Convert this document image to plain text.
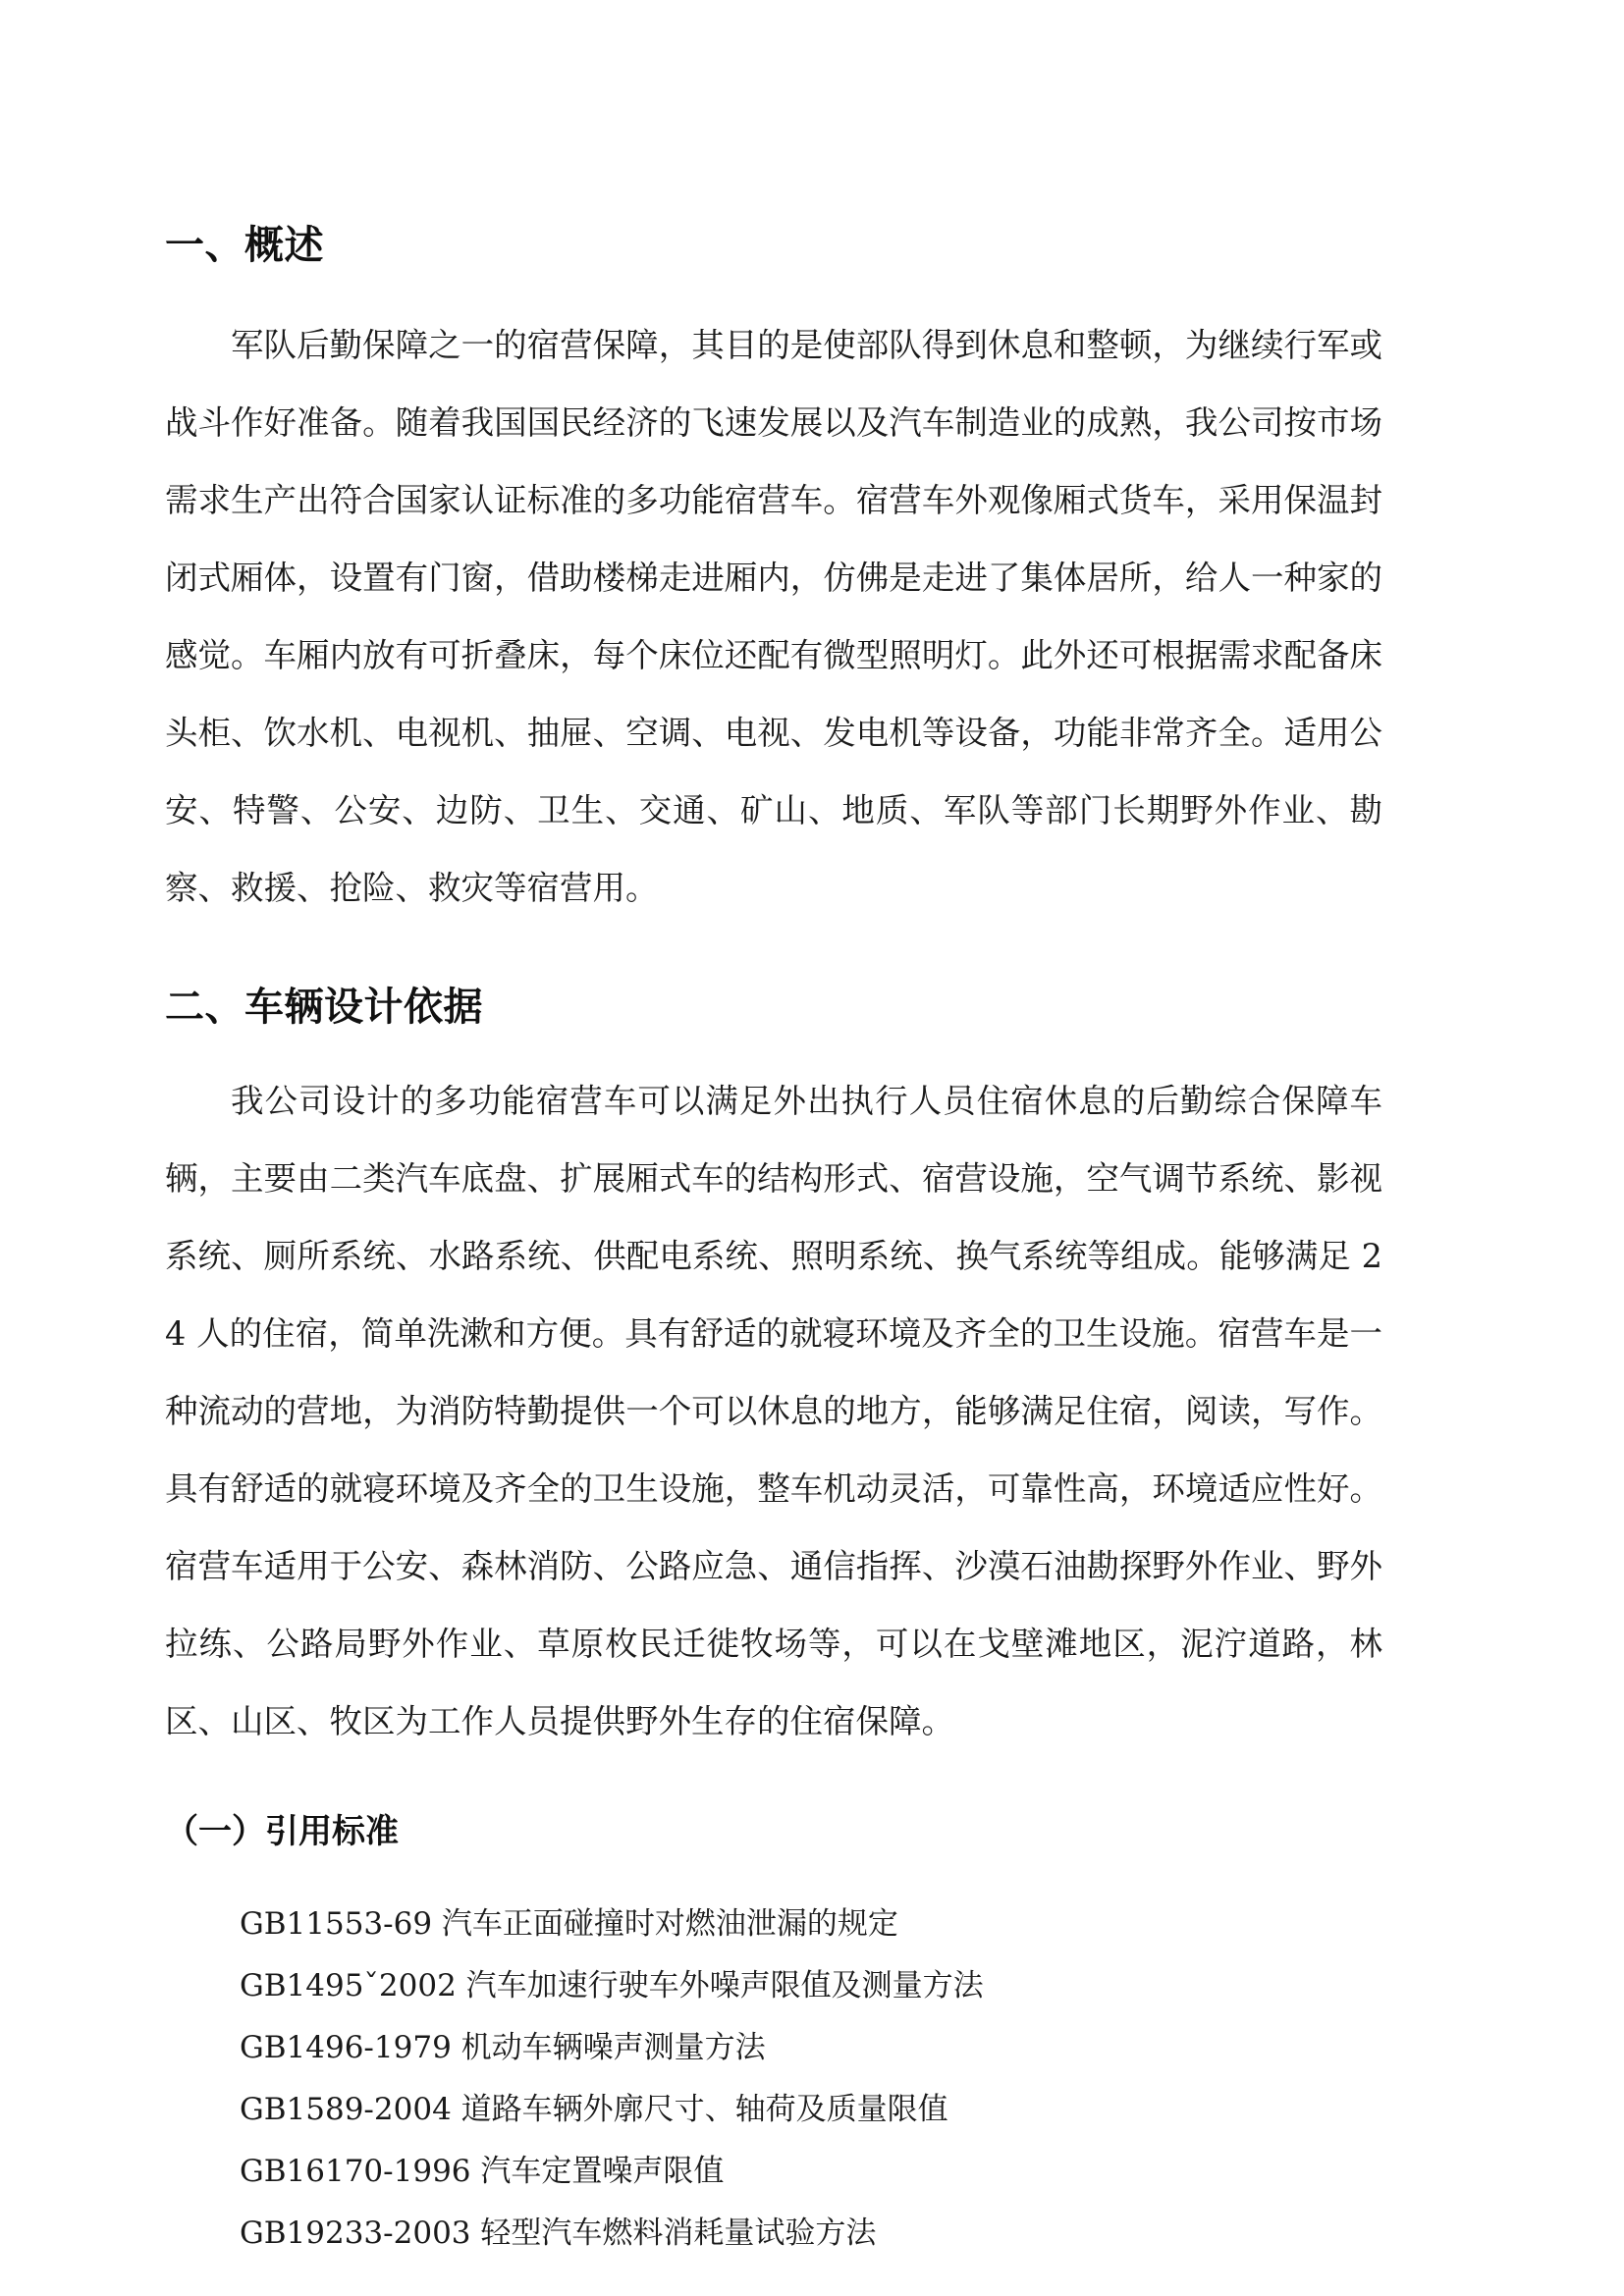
一、概述

军队后勤保障之一的宿营保障，其目的是使部队得到休息和整顿，为继续行军或战斗作好准备。随着我国国民经济的飞速发展以及汽车制造业的成熟，我公司按市场需求生产出符合国家认证标准的多功能宿营车。宿营车外观像厢式货车，采用保温封闭式厢体，设置有门窗，借助楼梯走进厢内，仿佛是走进了集体居所，给人一种家的感觉。车厢内放有可折叠床，每个床位还配有微型照明灯。此外还可根据需求配备床头柜、饮水机、电视机、抽屉、空调、电视、发电机等设备，功能非常齐全。适用公安、特警、公安、边防、卫生、交通、矿山、地质、军队等部门长期野外作业、勘察、救援、抢险、救灾等宿营用。

二、车辆设计依据

我公司设计的多功能宿营车可以满足外出执行人员住宿休息的后勤综合保障车辆，主要由二类汽车底盘、扩展厢式车的结构形式、宿营设施，空气调节系统、影视系统、厕所系统、水路系统、供配电系统、照明系统、换气系统等组成。能够满足 24 人的住宿，简单洗漱和方便。具有舒适的就寝环境及齐全的卫生设施。宿营车是一种流动的营地，为消防特勤提供一个可以休息的地方，能够满足住宿，阅读，写作。具有舒适的就寝环境及齐全的卫生设施，整车机动灵活，可靠性高，环境适应性好。宿营车适用于公安、森林消防、公路应急、通信指挥、沙漠石油勘探野外作业、野外拉练、公路局野外作业、草原枚民迁徙牧场等，可以在戈壁滩地区，泥泞道路，林区、山区、牧区为工作人员提供野外生存的住宿保障。

（一）引用标准
GB11553-69 汽车正面碰撞时对燃油泄漏的规定
GB1495ˇ2002 汽车加速行驶车外噪声限值及测量方法
GB1496-1979 机动车辆噪声测量方法
GB1589-2004 道路车辆外廓尺寸、轴荷及质量限值
GB16170-1996 汽车定置噪声限值
GB19233-2003 轻型汽车燃料消耗量试验方法
